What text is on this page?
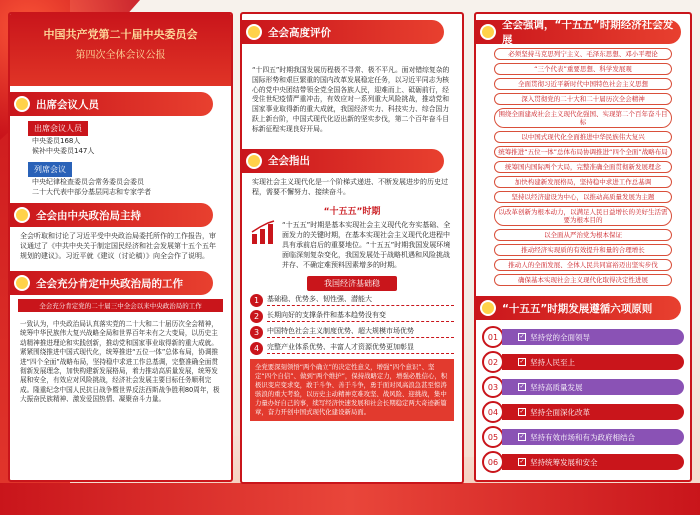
中国共产党第二十届中央委员会
第四次全体会议公报
出席会议人员
出席会议人员
中央委员168人
候补中央委员147人
列席会议
中央纪律检查委员会常务委员会委员
二十大代表中部分基层同志和专家学者
全会由中央政治局主持
全会听取和讨论了习近平受中央政治局委托所作的工作报告，审议通过了《中共中央关于制定国民经济和社会发展第十五个五年规划的建议》。习近平就《建议（讨论稿）》向全会作了说明。
全会充分肯定中央政治局的工作
全会充分肯定党的二十届三中全会以来中央政治局的工作
一致认为，中央政治局认真落实党的二十大和二十届历次全会精神，统筹中华民族伟大复兴战略全局和世界百年未有之大变局，以历史主动精神推进理论和实践创新，推动党和国家事业取得新的重大成就。紧紧围绕推进中国式现代化，统筹推进“五位一体”总体布局，协调推进“四个全面”战略布局，坚持稳中求进工作总基调，完整准确全面贯彻新发展理念，加快构建新发展格局，着力推动高质量发展，统筹发展和安全，有效应对风险挑战，经济社会发展主要目标任务顺利完成。隆重纪念中国人民抗日战争暨世界反法西斯战争胜利80周年，极大振奋民族精神、激发爱国热情、凝聚奋斗力量。
全会高度评价
“十四五”时期我国发展历程极不寻常、极不平凡。面对错综复杂的国际形势和艰巨繁重的国内改革发展稳定任务，以习近平同志为核心的党中央团结带领全党全国各族人民，迎难而上、砥砺前行，经受住世纪疫情严重冲击，有效应对一系列重大风险挑战，推动党和国家事业取得新的重大成就，我国经济实力、科技实力、综合国力跃上新台阶，中国式现代化迈出新的坚实步伐，第二个百年奋斗目标新征程实现良好开局。
全会指出
实现社会主义现代化是一个阶梯式递进、不断发展进步的历史过程，需要不懈努力、接续奋斗。
“十五五”时期
“十五五”时期是基本实现社会主义现代化夯实基础、全面发力的关键时期，在基本实现社会主义现代化进程中具有承前启后的重要地位。“十五五”时期我国发展环境面临深刻复杂变化，我国发展处于战略机遇和风险挑战并存、不确定难预料因素增多的时期。
我国经济基础稳
1	基础稳、优势多、韧性强、潜能大
2	长期向好的支撑条件和基本趋势没有变
3	中国特色社会主义制度优势、超大规模市场优势
4	完整产业体系优势、丰富人才资源优势更加彰显
全党要深刻领悟“两个确立”的决定性意义，增强“四个意识”、坚定“四个自信”、做到“两个维护”，保持战略定力，增强必胜信心，积极识变应变求变，敢于斗争、善于斗争，勇于面对风高浪急甚至惊涛骇浪的重大考验，以历史主动精神克难攻坚、战风险、迎挑战，集中力量办好自己的事，续写经济快速发展和社会长期稳定两大奇迹新篇章，奋力开创中国式现代化建设新局面。
全会强调，“十五五”时期经济社会发展
必须坚持马克思列宁主义、毛泽东思想、邓小平理论
“三个代表”重要思想、科学发展观
全面贯彻习近平新时代中国特色社会主义思想
深入贯彻党的二十大和二十届历次全会精神
围绕全面建成社会主义现代化强国、实现第二个百年奋斗目标
以中国式现代化全面推进中华民族伟大复兴
统筹推进“五位一体”总体布局协调推进“四个全面”战略布局
统筹国内国际两个大局，完整准确全面贯彻新发展理念
加快构建新发展格局，坚持稳中求进工作总基调
坚持以经济建设为中心，以推动高质量发展为主题
以改革创新为根本动力，以满足人民日益增长的美好生活需要为根本目的
以全面从严治党为根本保证
推动经济实现质的有效提升和量的合理增长
推动人的全面发展、全体人民共同富裕迈出坚实步伐
确保基本实现社会主义现代化取得决定性进展
“十五五”时期发展遵循六项原则
01	✓ 坚持党的全面领导
02	✓ 坚持人民至上
03	✓ 坚持高质量发展
04	✓ 坚持全面深化改革
05	✓ 坚持有效市场和有为政府相结合
06	✓ 坚持统筹发展和安全
